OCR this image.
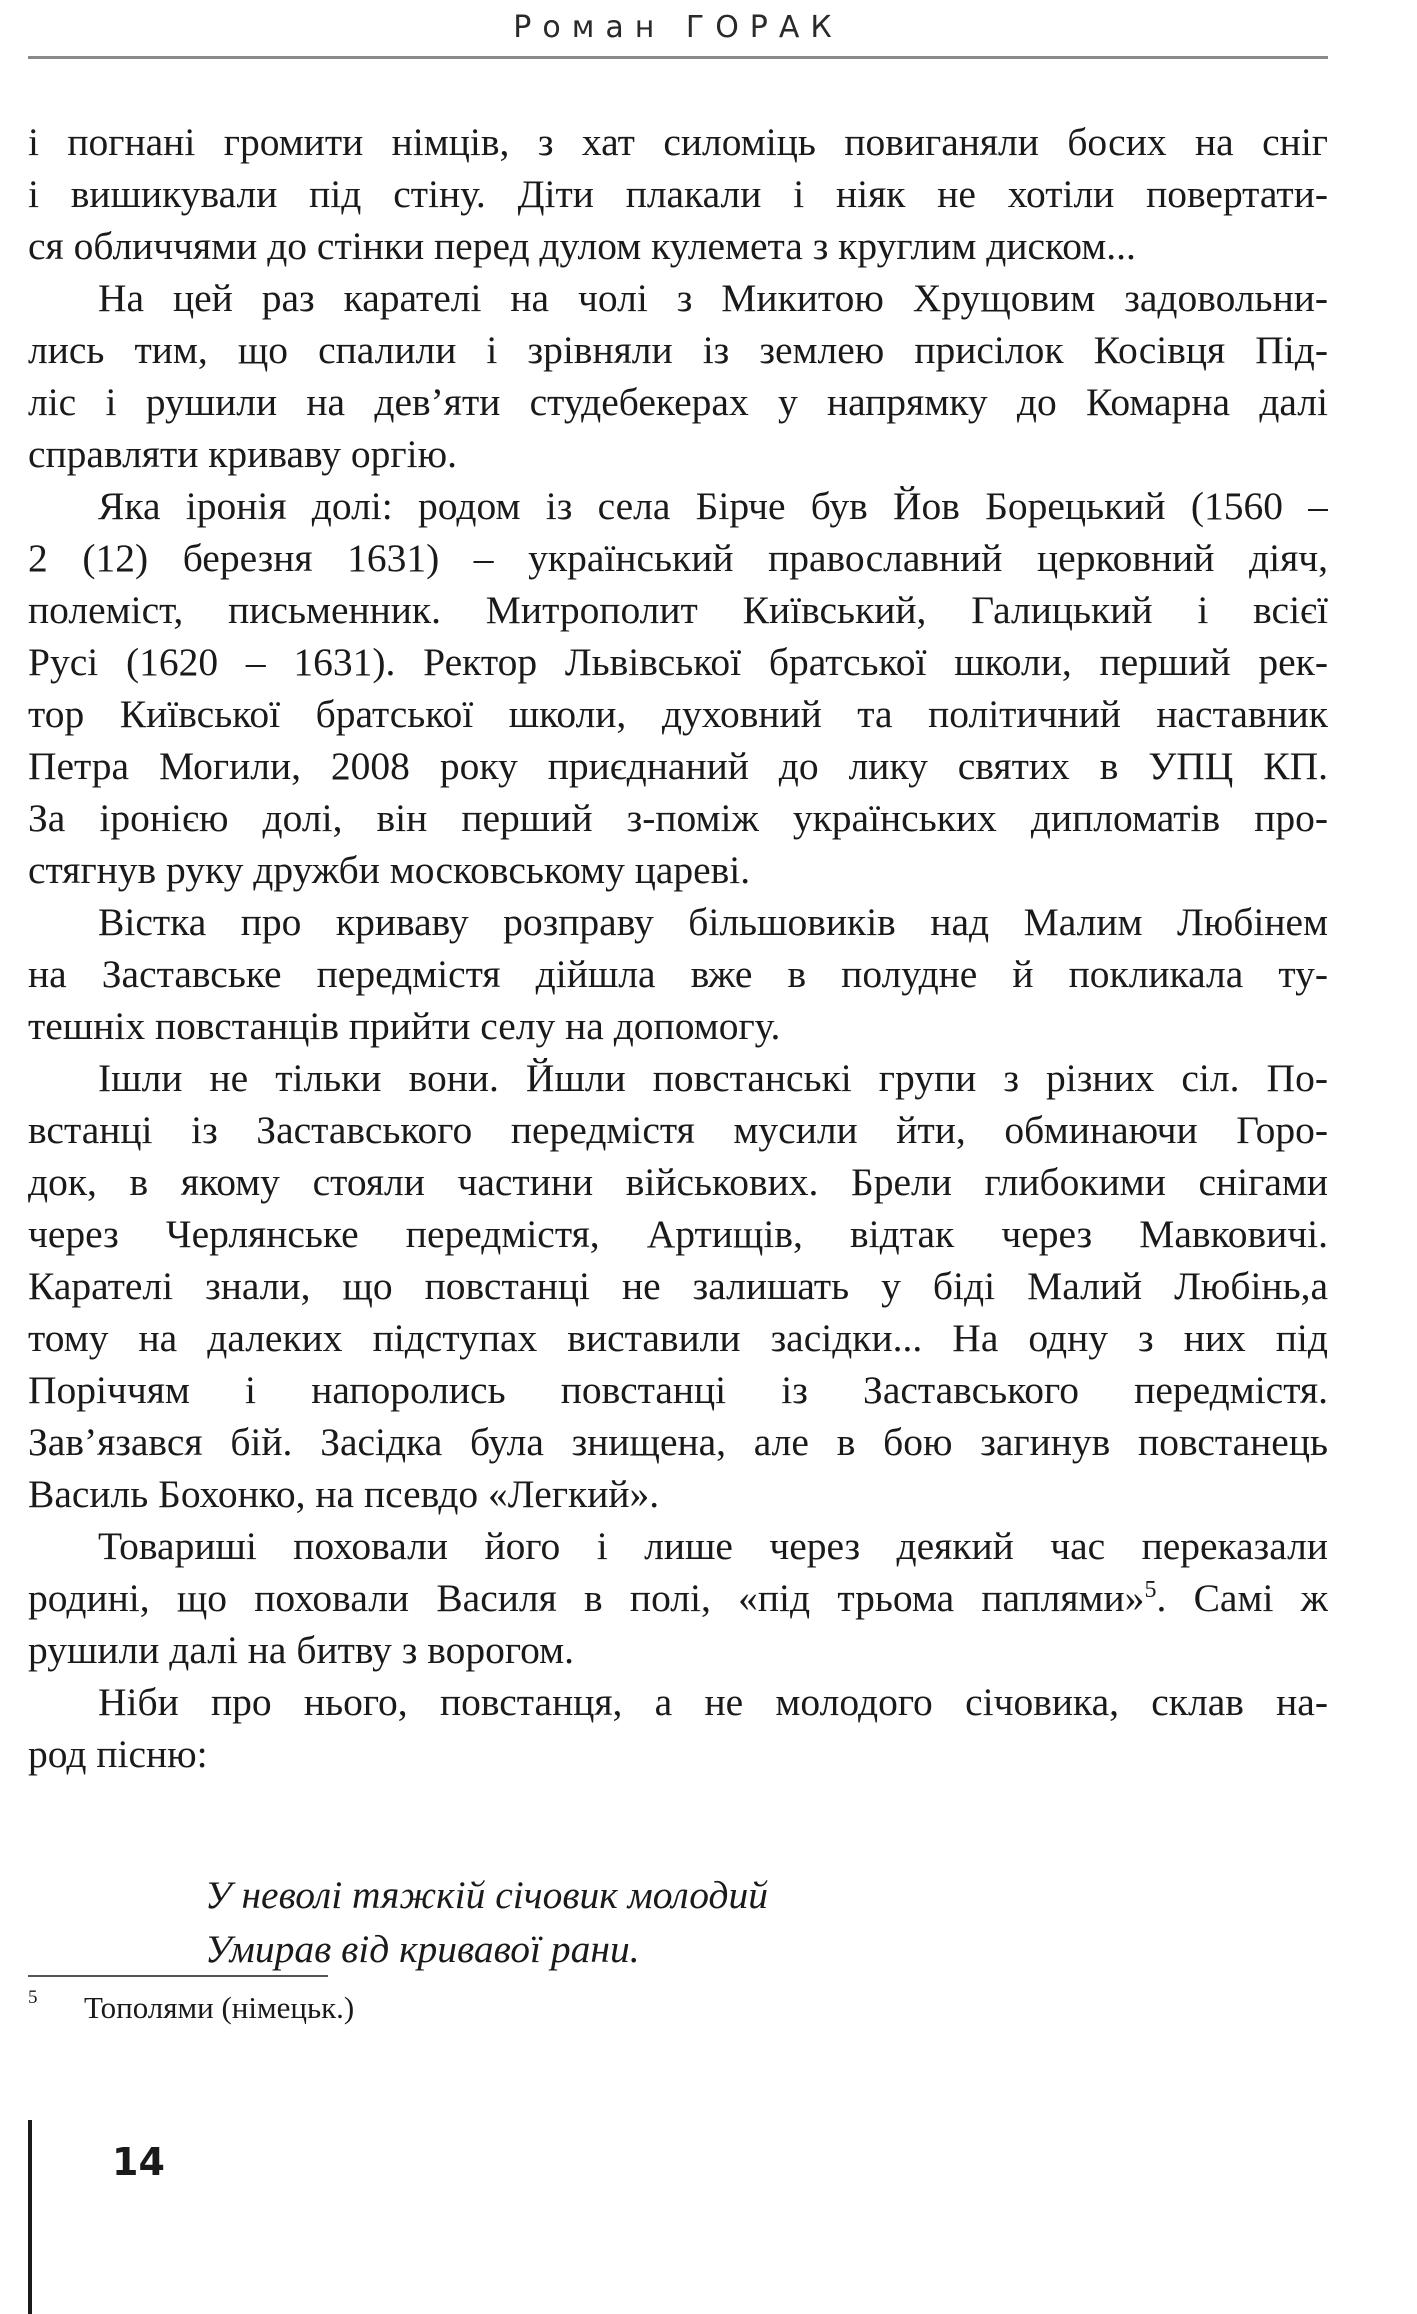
Роман ГОРАК
і погнані громити німців, з хат силоміць повиганяли босих на сніг
і вишикували під стіну. Діти плакали і ніяк не хотіли повертати-
ся обличчями до стінки перед дулом кулемета з круглим диском...
На цей раз карателі на чолі з Микитою Хрущовим задовольни-
лись тим, що спалили і зрівняли із землею присілок Косівця Під-
ліс і рушили на дев’яти студебекерах у напрямку до Комарна далі
справляти криваву оргію.
Яка іронія долі: родом із села Бірче був Йов Борецький (1560 –
2 (12) березня 1631) – український православний церковний діяч,
полеміст, письменник. Митрополит Київський, Галицький і всієї
Русі (1620 – 1631). Ректор Львівської братської школи, перший рек-
тор Київської братської школи, духовний та політичний наставник
Петра Могили, 2008 року приєднаний до лику святих в УПЦ КП.
За іронією долі, він перший з-поміж українських дипломатів про-
стягнув руку дружби московському цареві.
Вістка про криваву розправу більшовиків над Малим Любінем
на Заставське передмістя дійшла вже в полудне й покликала ту-
тешніх повстанців прийти селу на допомогу.
Ішли не тільки вони. Йшли повстанські групи з різних сіл. По-
встанці із Заставського передмістя мусили йти, обминаючи Горо-
док, в якому стояли частини військових. Брели глибокими снігами
через Черлянське передмістя, Артищів, відтак через Мавковичі.
Карателі знали, що повстанці не залишать у біді Малий Любінь,а
тому на далеких підступах виставили засідки... На одну з них під
Поріччям і напоролись повстанці із Заставського передмістя.
Зав’язався бій. Засідка була знищена, але в бою загинув повстанець
Василь Бохонко, на псевдо «Легкий».
Товариші поховали його і лише через деякий час переказали
родині, що поховали Василя в полі, «під трьома паплями»$^5$. Самі ж
рушили далі на битву з ворогом.
Ніби про нього, повстанця, а не молодого січовика, склав на-
род пісню:
У неволі тяжкій січовик молодий
Умирав від кривавої рани.
5 Тополями (німецьк.)
14
